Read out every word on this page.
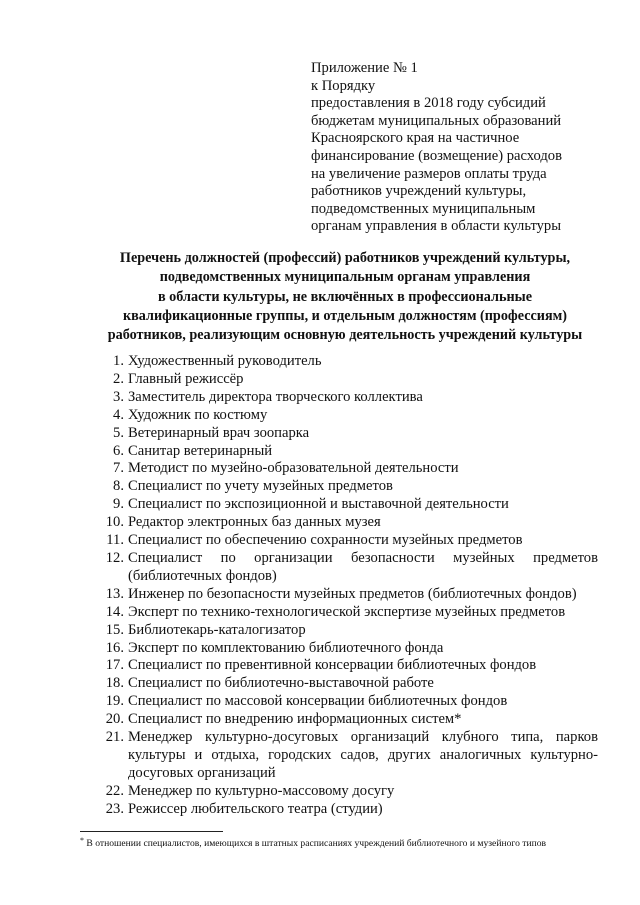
Приложение № 1
к Порядку
предоставления в 2018 году субсидий
бюджетам муниципальных образований
Красноярского края на частичное
финансирование (возмещение) расходов
на увеличение размеров оплаты труда
работников учреждений культуры,
подведомственных муниципальным
органам управления в области культуры
Перечень должностей (профессий) работников учреждений культуры,
подведомственных муниципальным органам управления
в области культуры, не включённых в профессиональные
квалификационные группы, и отдельным должностям (профессиям)
работников, реализующим основную деятельность учреждений культуры
1. Художественный руководитель
2. Главный режиссёр
3. Заместитель директора творческого коллектива
4. Художник по костюму
5. Ветеринарный врач зоопарка
6. Санитар ветеринарный
7. Методист по музейно-образовательной деятельности
8. Специалист по учету музейных предметов
9. Специалист по экспозиционной и выставочной деятельности
10. Редактор электронных баз данных музея
11. Специалист по обеспечению сохранности музейных предметов
12. Специалист по организации безопасности музейных предметов (библиотечных фондов)
13. Инженер по безопасности музейных предметов (библиотечных фондов)
14. Эксперт по технико-технологической экспертизе музейных предметов
15. Библиотекарь-каталогизатор
16. Эксперт по комплектованию библиотечного фонда
17. Специалист по превентивной консервации библиотечных фондов
18. Специалист по библиотечно-выставочной работе
19. Специалист по массовой консервации библиотечных фондов
20. Специалист по внедрению информационных систем*
21. Менеджер культурно-досуговых организаций клубного типа, парков культуры и отдыха, городских садов, других аналогичных культурно-досуговых организаций
22. Менеджер по культурно-массовому досугу
23. Режиссер любительского театра (студии)
* В отношении специалистов, имеющихся в штатных расписаниях учреждений библиотечного и музейного типов
